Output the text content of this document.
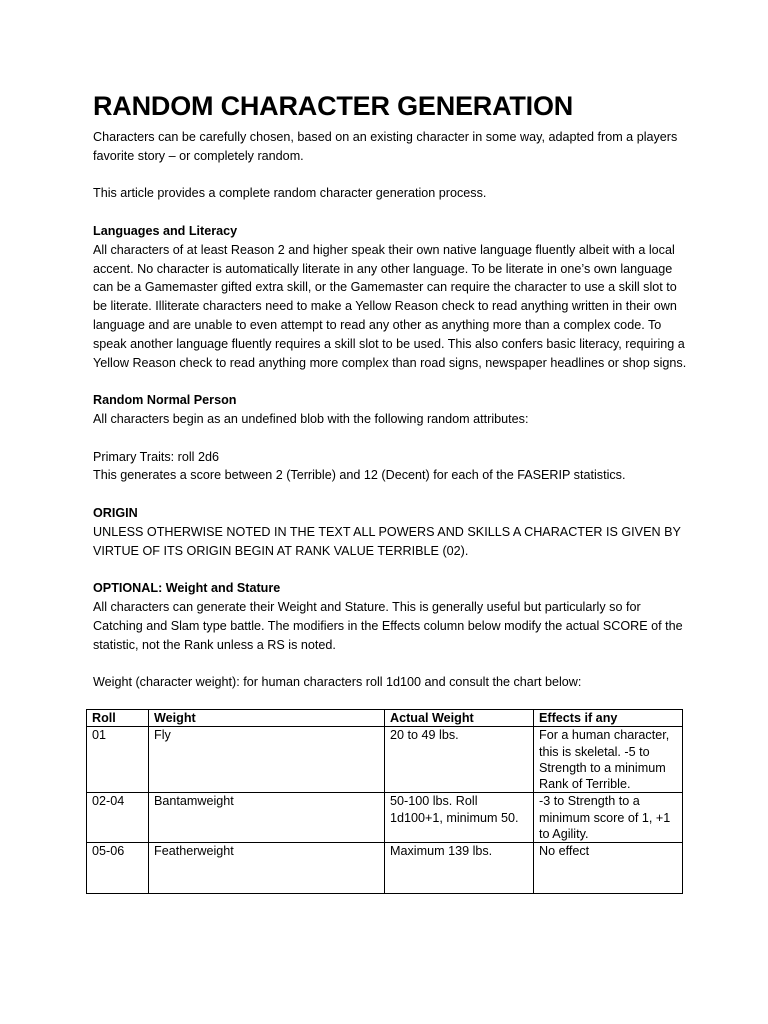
RANDOM CHARACTER GENERATION

Characters can be carefully chosen, based on an existing character in some way, adapted from a players favorite story – or completely random.

This article provides a complete random character generation process.

Languages and Literacy

All characters of at least Reason 2 and higher speak their own native language fluently albeit with a local accent. No character is automatically literate in any other language. To be literate in one’s own language can be a Gamemaster gifted extra skill, or the Gamemaster can require the character to use a skill slot to be literate. Illiterate characters need to make a Yellow Reason check to read anything written in their own language and are unable to even attempt to read any other as anything more than a complex code. To speak another language fluently requires a skill slot to be used. This also confers basic literacy, requiring a Yellow Reason check to read anything more complex than road signs, newspaper headlines or shop signs.

Random Normal Person

All characters begin as an undefined blob with the following random attributes:

Primary Traits: roll 2d6

This generates a score between 2 (Terrible) and 12 (Decent) for each of the FASERIP statistics.

ORIGIN

UNLESS OTHERWISE NOTED IN THE TEXT ALL POWERS AND SKILLS A CHARACTER IS GIVEN BY VIRTUE OF ITS ORIGIN BEGIN AT RANK VALUE TERRIBLE (02).

OPTIONAL: Weight and Stature

All characters can generate their Weight and Stature. This is generally useful but particularly so for Catching and Slam type battle. The modifiers in the Effects column below modify the actual SCORE of the statistic, not the Rank unless a RS is noted.

Weight (character weight): for human characters roll 1d100 and consult the chart below:

Roll	Weight	Actual Weight	Effects if any
01	Fly	20 to 49 lbs.	For a human character, this is skeletal. -5 to Strength to a minimum Rank of Terrible.
02-04	Bantamweight	50-100 lbs. Roll 1d100+1, minimum 50.	-3 to Strength to a minimum score of 1, +1 to Agility.
05-06	Featherweight	Maximum 139 lbs.	No effect
